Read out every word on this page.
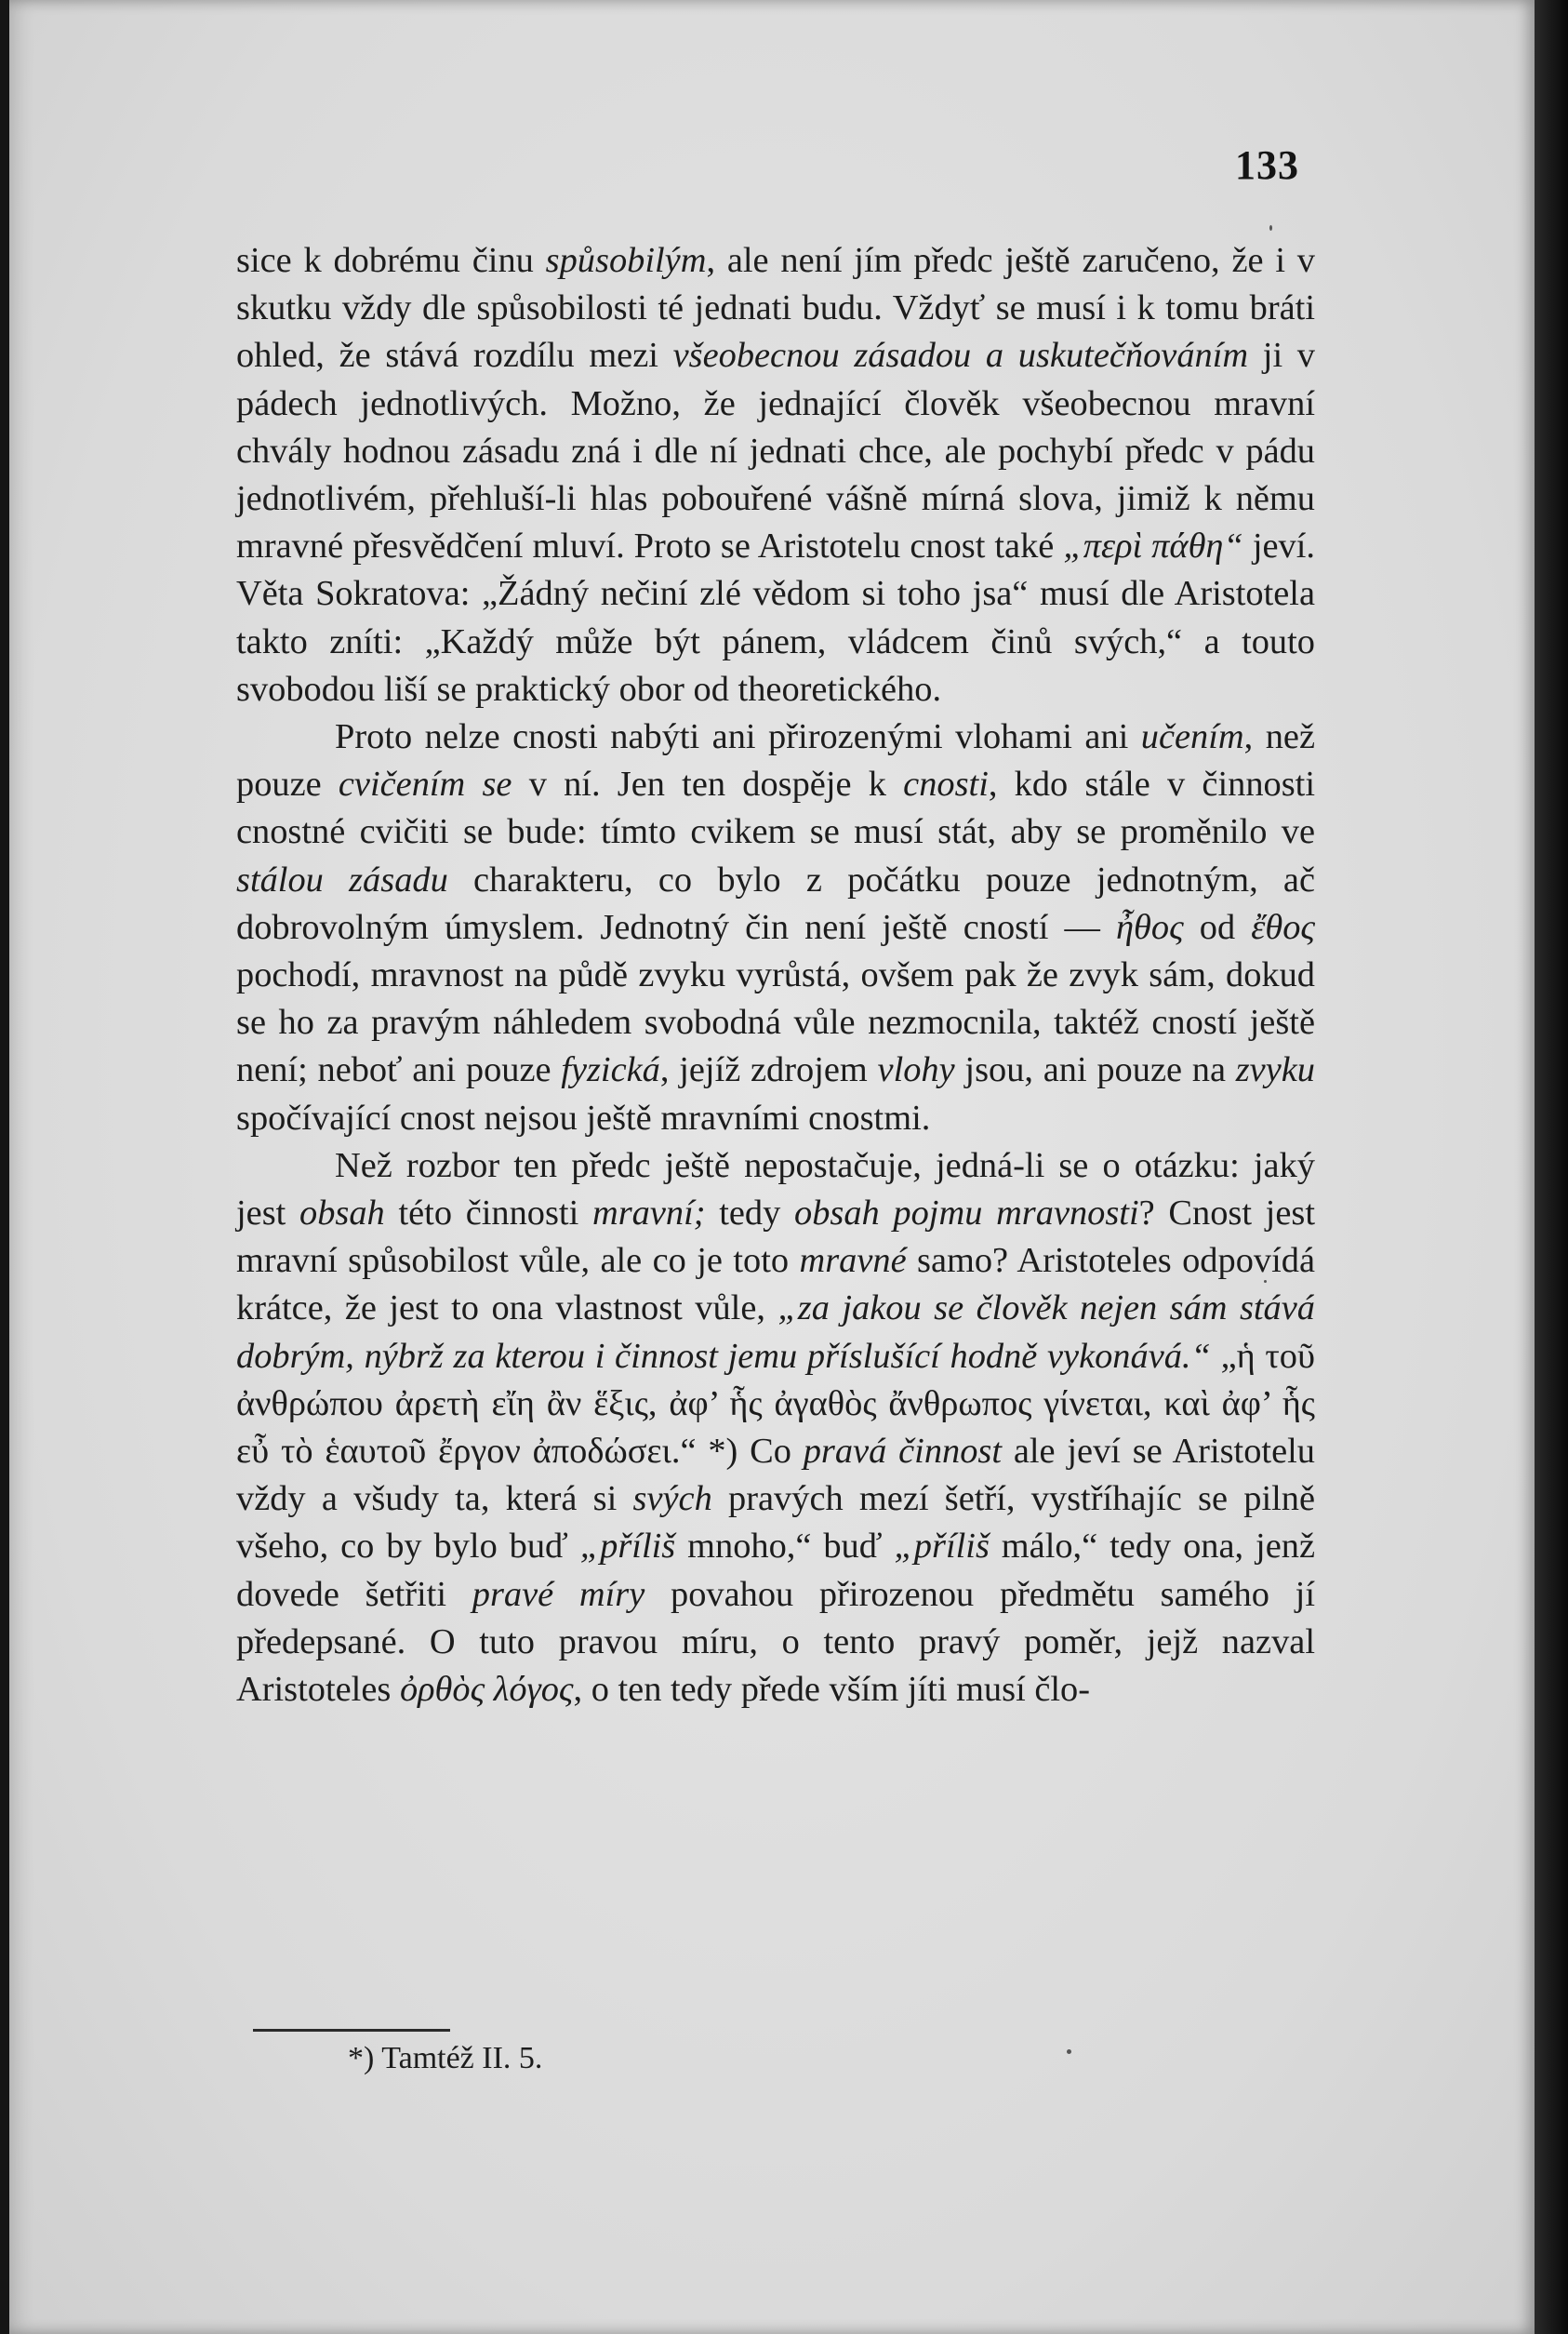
133

sice k dobrému činu spůsobilým, ale není jím předc ještě zaručeno, že i v skutku vždy dle spůsobilosti té jednati budu. Vždyť se musí i k tomu bráti ohled, že stává rozdílu mezi všeobecnou zásadou a uskutečňováním ji v pádech jednotlivých. Možno, že jednající člověk všeobecnou mravní chvály hodnou zásadu zná i dle ní jednati chce, ale pochybí předc v pádu jednotlivém, přehluší-li hlas pobouřené vášně mírná slova, jimiž k němu mravné přesvědčení mluví. Proto se Aristotelu cnost také „περὶ πάθη“ jeví. Věta Sokratova: „Žádný nečiní zlé vědom si toho jsa“ musí dle Aristotela takto zníti: „Každý může být pánem, vládcem činů svých,“ a touto svobodou liší se praktický obor od theoretického.

Proto nelze cnosti nabýti ani přirozenými vlohami ani učením, než pouze cvičením se v ní. Jen ten dospěje k cnosti, kdo stále v činnosti cnostné cvičiti se bude: tímto cvikem se musí stát, aby se proměnilo ve stálou zásadu charakteru, co bylo z počátku pouze jednotným, ač dobrovolným úmyslem. Jednotný čin není ještě cností — ἦθος od ἔθος pochodí, mravnost na půdě zvyku vyrůstá, ovšem pak že zvyk sám, dokud se ho za pravým náhledem svobodná vůle nezmocnila, taktéž cností ještě není; neboť ani pouze fyzická, jejíž zdrojem vlohy jsou, ani pouze na zvyku spočívající cnost nejsou ještě mravními cnostmi.

Než rozbor ten předc ještě nepostačuje, jedná-li se o otázku: jaký jest obsah této činnosti mravní; tedy obsah pojmu mravnosti? Cnost jest mravní spůsobilost vůle, ale co je toto mravné samo? Aristoteles odpovídá krátce, že jest to ona vlastnost vůle, „za jakou se člověk nejen sám stává dobrým, nýbrž za kterou i činnost jemu příslušící hodně vykonává.“ „ἡ τοῦ ἀνθρώπου ἀρετὴ εἴη ἂν ἕξις, ἀφ’ ἧς ἀγαθὸς ἄνθρωπος γίνεται, καὶ ἀφ’ ἧς εὖ τὸ ἑαυτοῦ ἔργον ἀποδώσει.“ *) Co pravá činnost ale jeví se Aristotelu vždy a všudy ta, která si svých pravých mezí šetří, vystříhajíc se pilně všeho, co by bylo buď „příliš mnoho,“ buď „příliš málo,“ tedy ona, jenž dovede šetřiti pravé míry povahou přirozenou předmětu samého jí předepsané. O tuto pravou míru, o tento pravý poměr, jejž nazval Aristoteles ὀρθὸς λόγος, o ten tedy přede vším jíti musí člo-

*) Tamtéž II. 5.
